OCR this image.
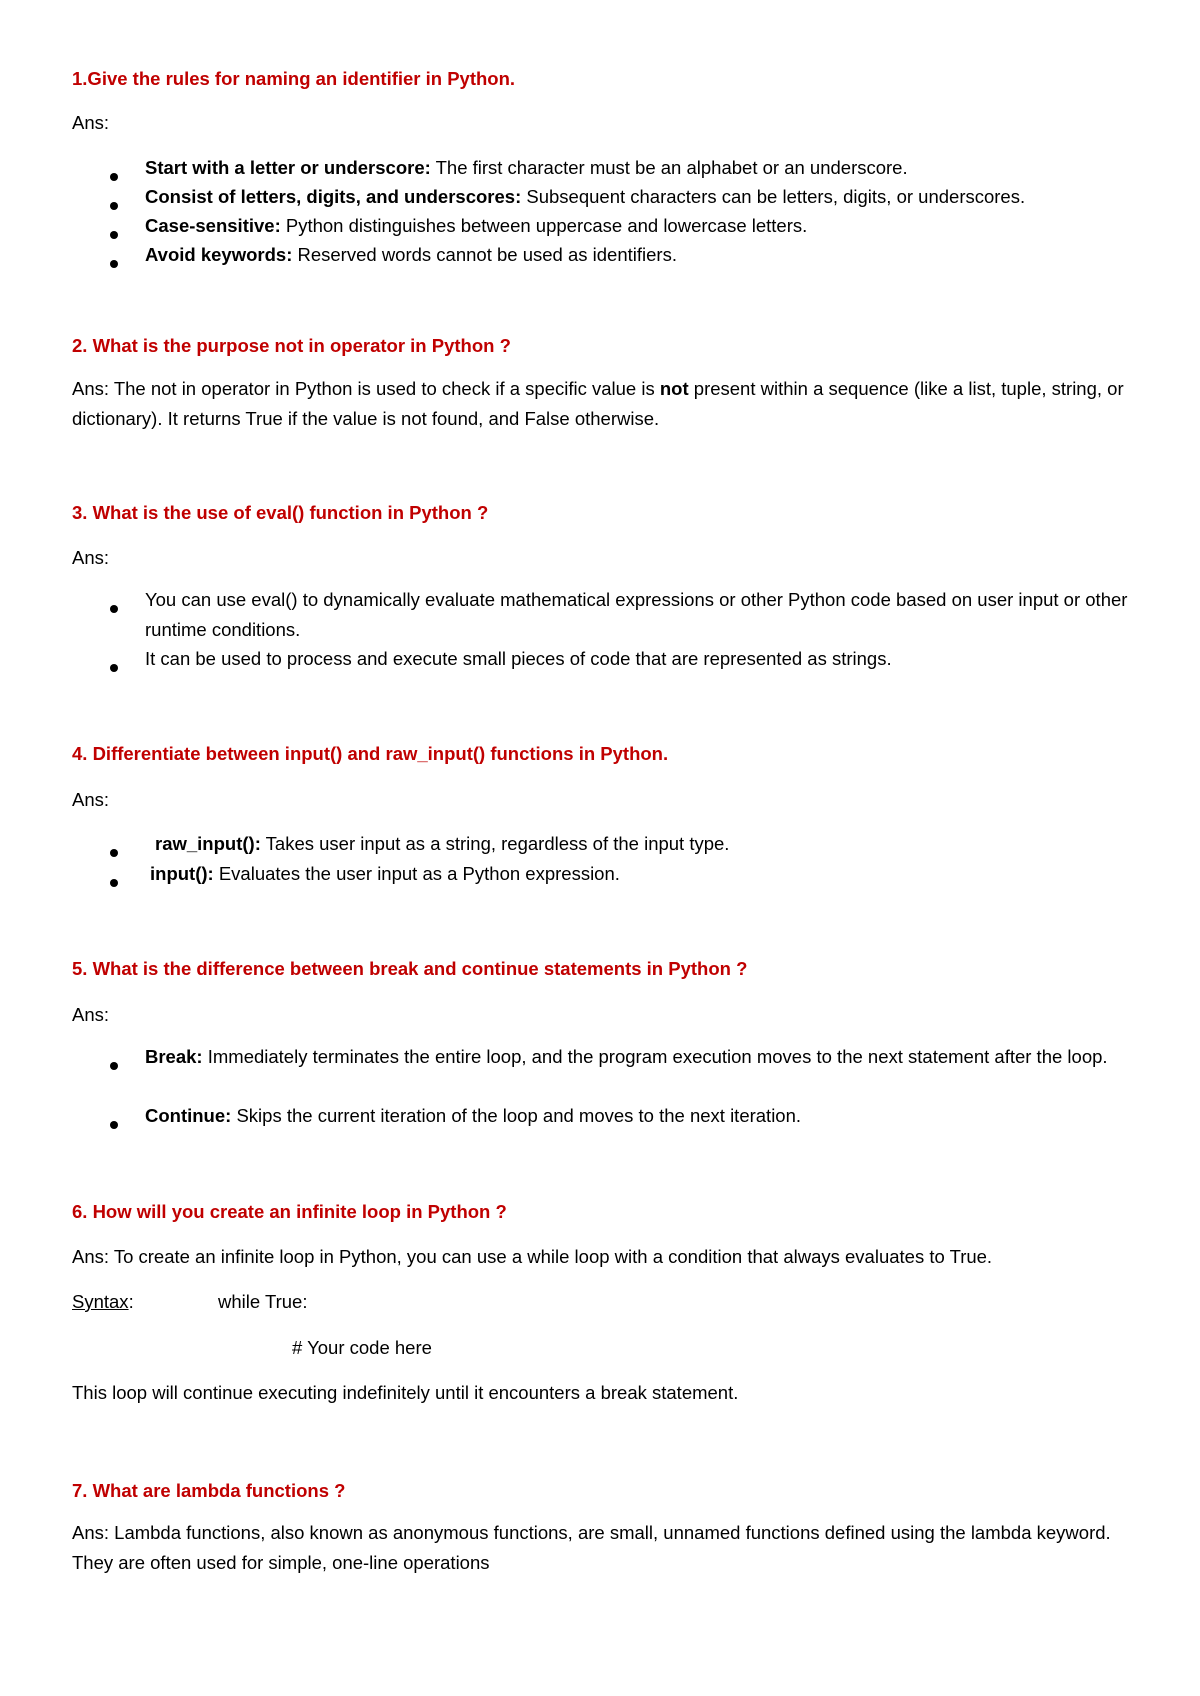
1.Give the rules for naming an identifier in Python.
Ans:
Start with a letter or underscore: The first character must be an alphabet or an underscore.
Consist of letters, digits, and underscores: Subsequent characters can be letters, digits, or underscores.
Case-sensitive: Python distinguishes between uppercase and lowercase letters.
Avoid keywords: Reserved words cannot be used as identifiers.
2. What is the purpose not in operator in Python ?
Ans: The not in operator in Python is used to check if a specific value is not present within a sequence (like a list, tuple, string, or dictionary). It returns True if the value is not found, and False otherwise.
3. What is the use of eval() function in Python ?
Ans:
You can use eval() to dynamically evaluate mathematical expressions or other Python code based on user input or other runtime conditions.
It can be used to process and execute small pieces of code that are represented as strings.
4. Differentiate between input() and raw_input() functions in Python.
Ans:
raw_input(): Takes user input as a string, regardless of the input type.
input(): Evaluates the user input as a Python expression.
5. What is the difference between break and continue statements in Python ?
Ans:
Break: Immediately terminates the entire loop, and the program execution moves to the next statement after the loop.
Continue: Skips the current iteration of the loop and moves to the next iteration.
6. How will you create an infinite loop in Python ?
Ans: To create an infinite loop in Python, you can use a while loop with a condition that always evaluates to True.
Syntax:	while True:
# Your code here
This loop will continue executing indefinitely until it encounters a break statement.
7. What are lambda functions ?
Ans: Lambda functions, also known as anonymous functions, are small, unnamed functions defined using the lambda keyword. They are often used for simple, one-line operations
